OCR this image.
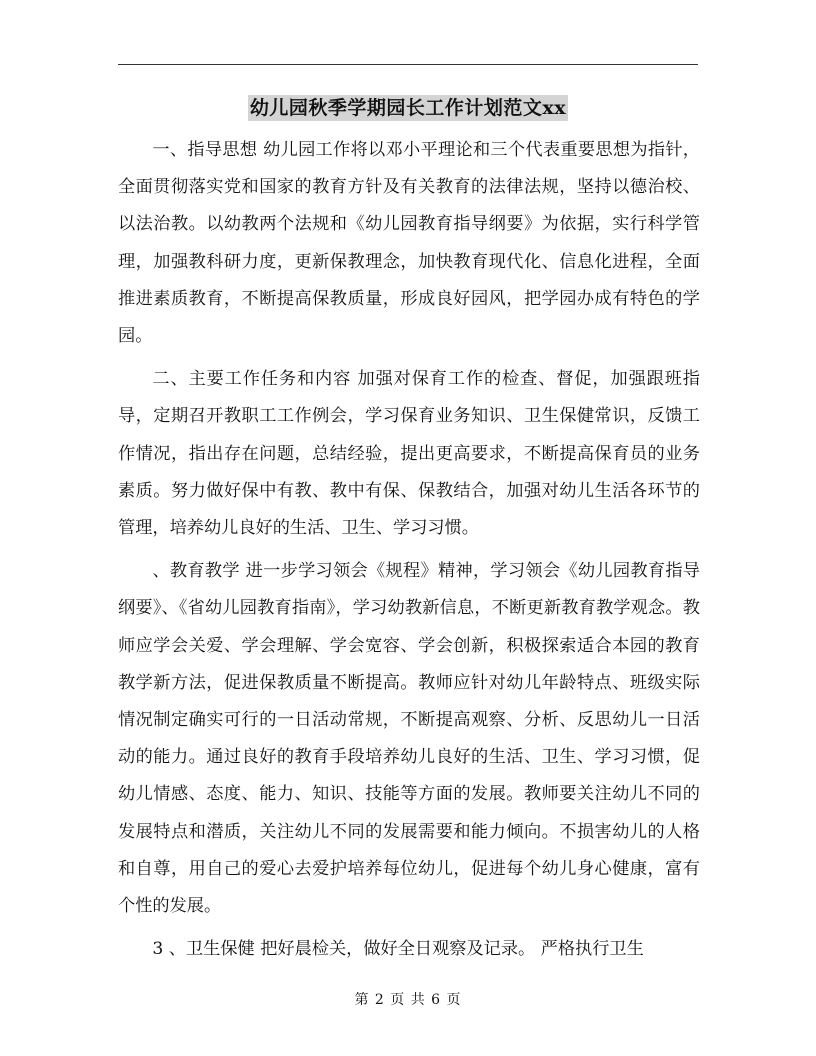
幼儿园秋季学期园长工作计划范文xx

一、指导思想 幼儿园工作将以邓小平理论和三个代表重要思想为指针，全面贯彻落实党和国家的教育方针及有关教育的法律法规，坚持以德治校、以法治教。以幼教两个法规和《幼儿园教育指导纲要》为依据，实行科学管理，加强教科研力度，更新保教理念，加快教育现代化、信息化进程，全面推进素质教育，不断提高保教质量，形成良好园风，把学园办成有特色的学园。

二、主要工作任务和内容 加强对保育工作的检查、督促，加强跟班指导，定期召开教职工工作例会，学习保育业务知识、卫生保健常识，反馈工作情况，指出存在问题，总结经验，提出更高要求，不断提高保育员的业务素质。努力做好保中有教、教中有保、保教结合，加强对幼儿生活各环节的管理，培养幼儿良好的生活、卫生、学习习惯。

、教育教学 进一步学习领会《规程》精神，学习领会《幼儿园教育指导纲要》、《省幼儿园教育指南》，学习幼教新信息，不断更新教育教学观念。教师应学会关爱、学会理解、学会宽容、学会创新，积极探索适合本园的教育教学新方法，促进保教质量不断提高。教师应针对幼儿年龄特点、班级实际情况制定确实可行的一日活动常规，不断提高观察、分析、反思幼儿一日活动的能力。通过良好的教育手段培养幼儿良好的生活、卫生、学习习惯，促幼儿情感、态度、能力、知识、技能等方面的发展。教师要关注幼儿不同的发展特点和潜质，关注幼儿不同的发展需要和能力倾向。不损害幼儿的人格和自尊，用自己的爱心去爱护培养每位幼儿，促进每个幼儿身心健康，富有个性的发展。

3 、卫生保健 把好晨检关，做好全日观察及记录。 严格执行卫生

第 2 页 共 6 页
